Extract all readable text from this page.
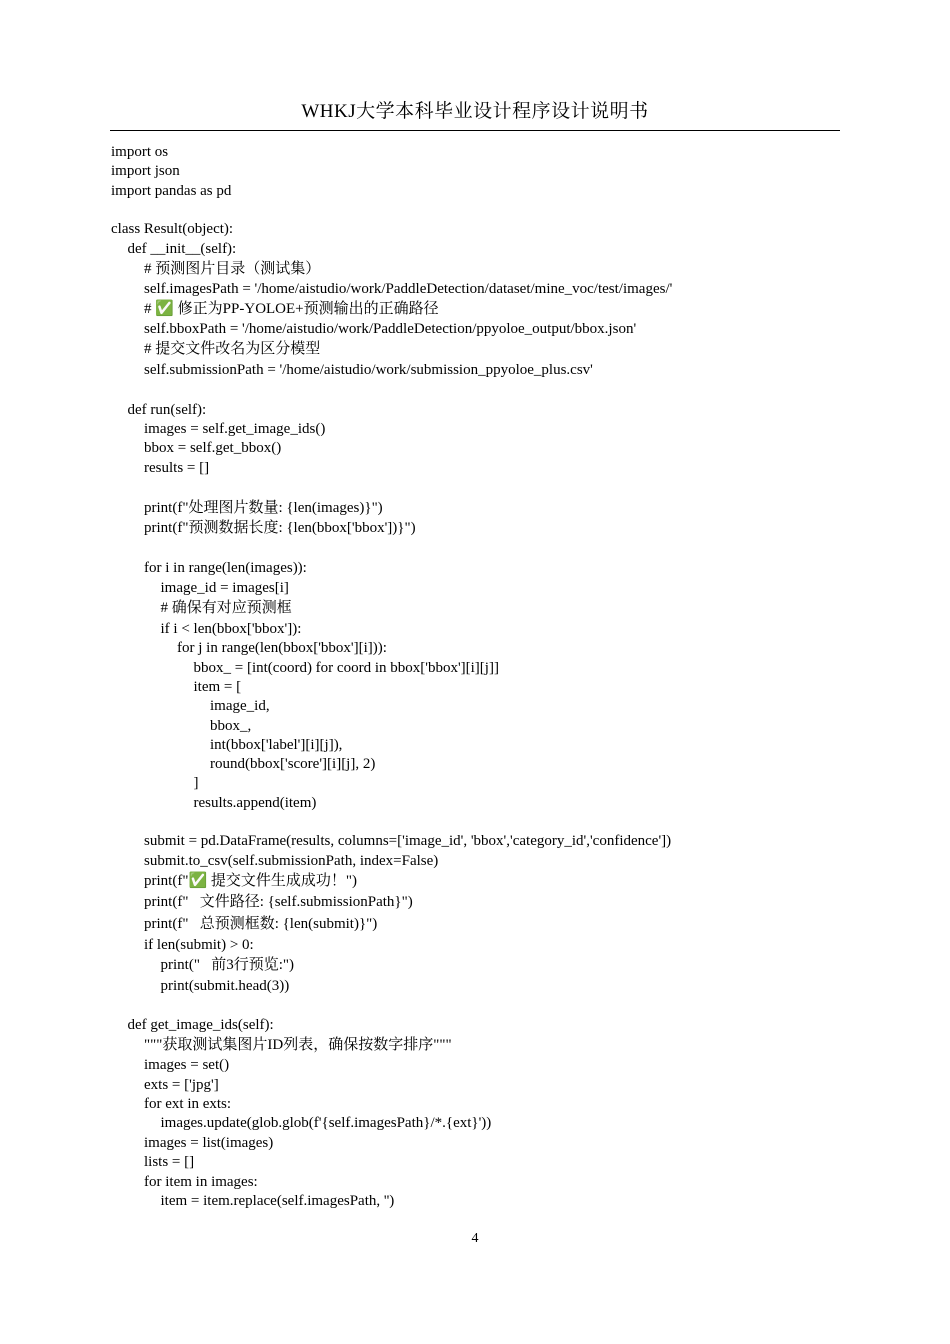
WHKJ大学本科毕业设计程序设计说明书
import os
import json
import pandas as pd
class Result(object):
def __init__(self):
# 预测图片目录（测试集）
self.imagesPath = '/home/aistudio/work/PaddleDetection/dataset/mine_voc/test/images/'
# ✅ 修正为PP-YOLOE+预测输出的正确路径
self.bboxPath = '/home/aistudio/work/PaddleDetection/ppyoloe_output/bbox.json'
# 提交文件改名为区分模型
self.submissionPath = '/home/aistudio/work/submission_ppyoloe_plus.csv'
def run(self):
images = self.get_image_ids()
bbox = self.get_bbox()
results = []
print(f"处理图片数量: {len(images)}")
print(f"预测数据长度: {len(bbox['bbox'])}")
for i in range(len(images)):
image_id = images[i]
# 确保有对应预测框
if i < len(bbox['bbox']):
for j in range(len(bbox['bbox'][i])):
bbox_ = [int(coord) for coord in bbox['bbox'][i][j]]
item = [
image_id,
bbox_,
int(bbox['label'][i][j]),
round(bbox['score'][i][j], 2)
]
results.append(item)
submit = pd.DataFrame(results, columns=['image_id', 'bbox','category_id','confidence'])
submit.to_csv(self.submissionPath, index=False)
print(f"✅ 提交文件生成成功！")
print(f"   文件路径: {self.submissionPath}")
print(f"   总预测框数: {len(submit)}")
if len(submit) > 0:
print("   前3行预览:")
print(submit.head(3))
def get_image_ids(self):
"""获取测试集图片ID列表，确保按数字排序"""
images = set()
exts = ['jpg']
for ext in exts:
images.update(glob.glob(f'{self.imagesPath}/*.{ext}'))
images = list(images)
lists = []
for item in images:
item = item.replace(self.imagesPath, '')
4
